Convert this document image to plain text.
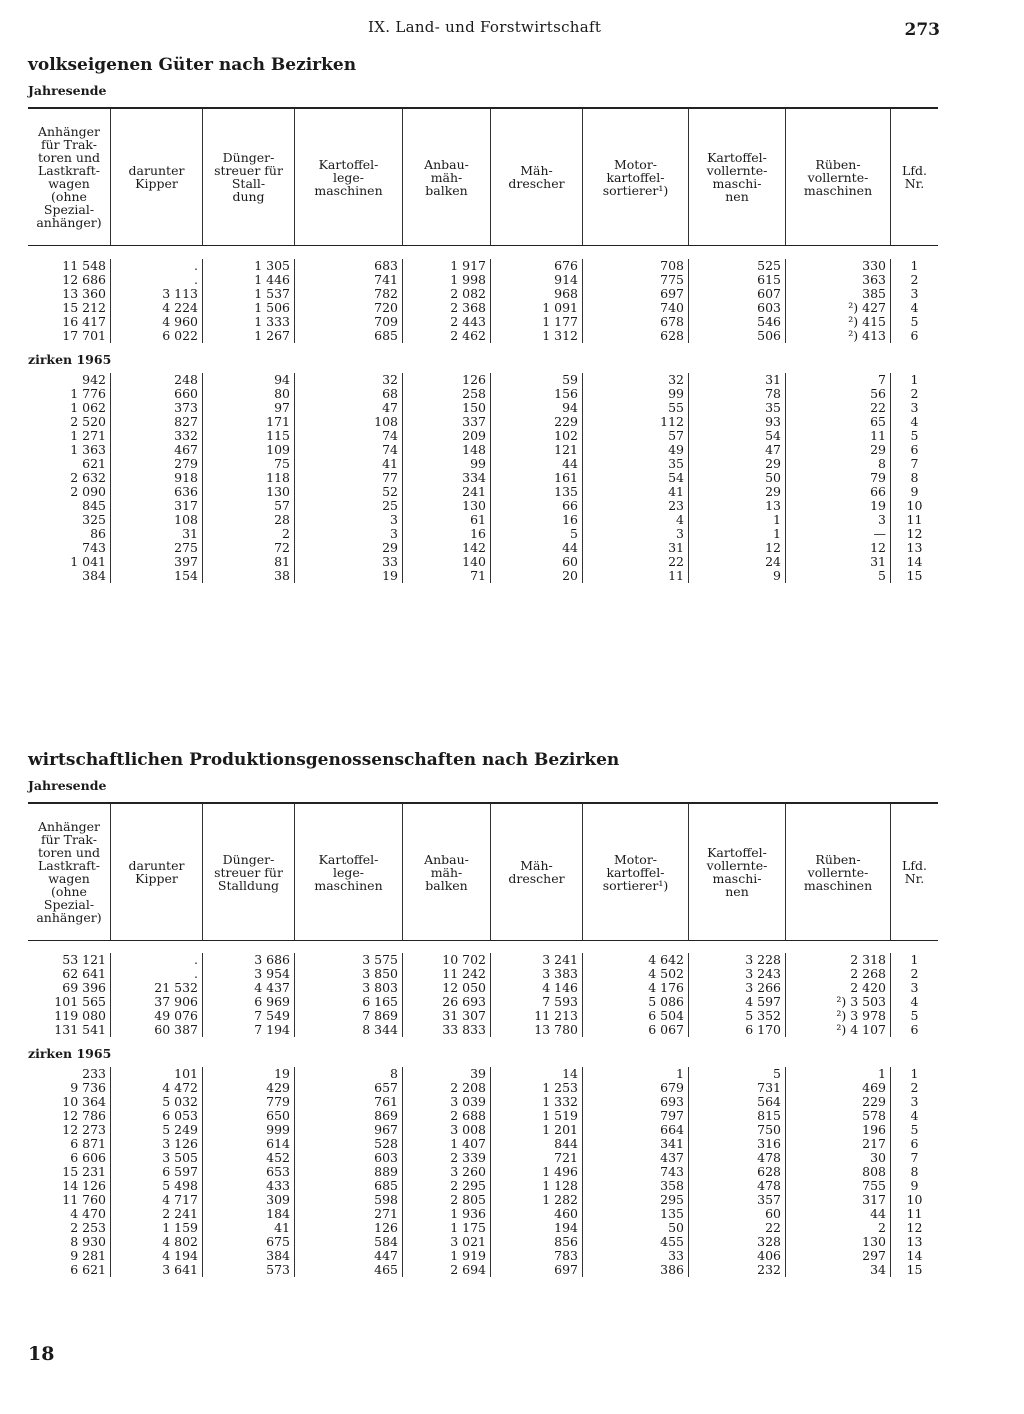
IX. Land- und Forstwirtschaft	273
volkseigenen Güter nach Bezirken
Jahresende
Anhänger
für Trak-
toren und
Lastkraft-
wagen
(ohne
Spezial-
anhänger)
darunter
Kipper
Dünger-
streuer für
Stall-
dung
Kartoffel-
lege-
maschinen
Anbau-
mäh-
balken
Mäh-
drescher
Motor-
kartoffel-
sortierer¹)
Kartoffel-
vollernte-
maschi-
nen
Rüben-
vollernte-
maschinen
Lfd.
Nr.
11 548
12 686
13 360
15 212
16 417
17 701
.
.
3 113
4 224
4 960
6 022
1 305
1 446
1 537
1 506
1 333
1 267
683
741
782
720
709
685
1 917
1 998
2 082
2 368
2 443
2 462
676
914
968
1 091
1 177
1 312
708
775
697
740
678
628
525
615
607
603
546
506
330
363
385
²) 427
²) 415
²) 413
1
2
3
4
5
6
zirken 1965
942
1 776
1 062
2 520
1 271
1 363
621
2 632
2 090
845
325
86
743
1 041
384
248
660
373
827
332
467
279
918
636
317
108
31
275
397
154
94
80
97
171
115
109
75
118
130
57
28
2
72
81
38
32
68
47
108
74
74
41
77
52
25
3
3
29
33
19
126
258
150
337
209
148
99
334
241
130
61
16
142
140
71
59
156
94
229
102
121
44
161
135
66
16
5
44
60
20
32
99
55
112
57
49
35
54
41
23
4
3
31
22
11
31
78
35
93
54
47
29
50
29
13
1
1
12
24
9
7
56
22
65
11
29
8
79
66
19
3
—
12
31
5
1
2
3
4
5
6
7
8
9
10
11
12
13
14
15
wirtschaftlichen Produktionsgenossenschaften nach Bezirken
Jahresende
Anhänger
für Trak-
toren und
Lastkraft-
wagen
(ohne
Spezial-
anhänger)
darunter
Kipper
Dünger-
streuer für
Stalldung
Kartoffel-
lege-
maschinen
Anbau-
mäh-
balken
Mäh-
drescher
Motor-
kartoffel-
sortierer¹)
Kartoffel-
vollernte-
maschi-
nen
Rüben-
vollernte-
maschinen
Lfd.
Nr.
53 121
62 641
69 396
101 565
119 080
131 541
.
.
21 532
37 906
49 076
60 387
3 686
3 954
4 437
6 969
7 549
7 194
3 575
3 850
3 803
6 165
7 869
8 344
10 702
11 242
12 050
26 693
31 307
33 833
3 241
3 383
4 146
7 593
11 213
13 780
4 642
4 502
4 176
5 086
6 504
6 067
3 228
3 243
3 266
4 597
5 352
6 170
2 318
2 268
2 420
²) 3 503
²) 3 978
²) 4 107
1
2
3
4
5
6
zirken 1965
233
9 736
10 364
12 786
12 273
6 871
6 606
15 231
14 126
11 760
4 470
2 253
8 930
9 281
6 621
101
4 472
5 032
6 053
5 249
3 126
3 505
6 597
5 498
4 717
2 241
1 159
4 802
4 194
3 641
19
429
779
650
999
614
452
653
433
309
184
41
675
384
573
8
657
761
869
967
528
603
889
685
598
271
126
584
447
465
39
2 208
3 039
2 688
3 008
1 407
2 339
3 260
2 295
2 805
1 936
1 175
3 021
1 919
2 694
14
1 253
1 332
1 519
1 201
844
721
1 496
1 128
1 282
460
194
856
783
697
1
679
693
797
664
341
437
743
358
295
135
50
455
33
386
5
731
564
815
750
316
478
628
478
357
60
22
328
406
232
1
469
229
578
196
217
30
808
755
317
44
2
130
297
34
1
2
3
4
5
6
7
8
9
10
11
12
13
14
15
18
